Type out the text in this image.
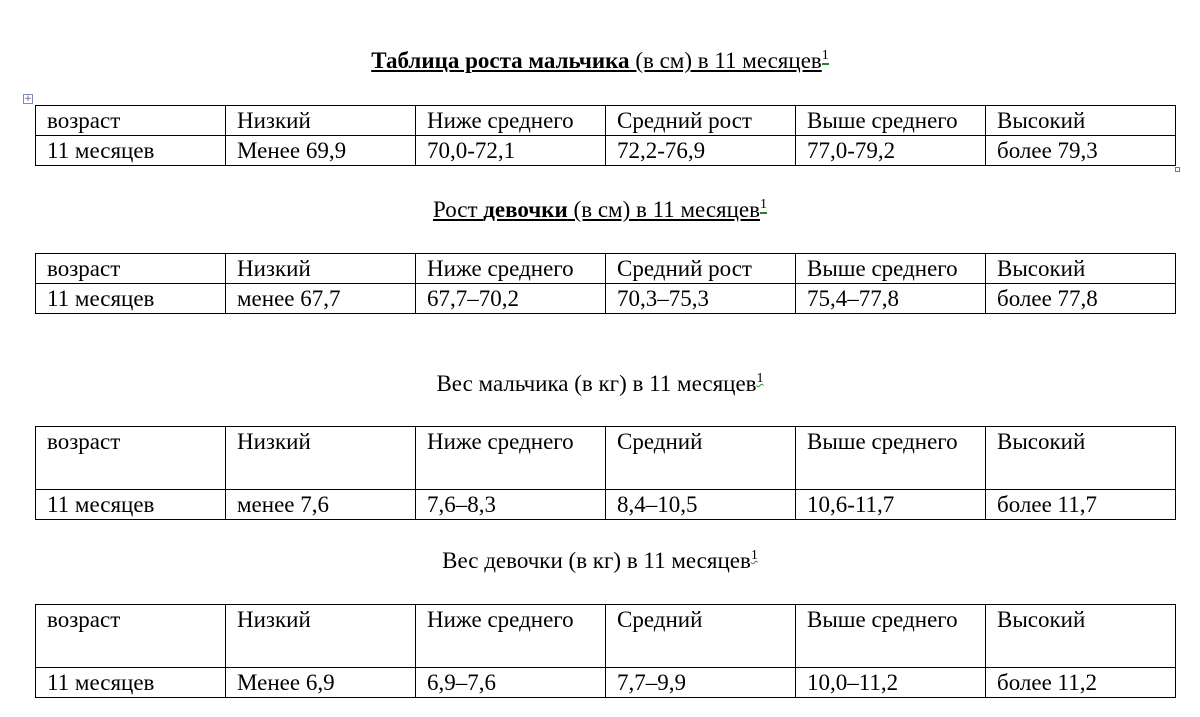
Таблица роста мальчика (в см) в 11 месяцев$^1$
+
возраст	Низкий	Ниже среднего	Средний рост	Выше среднего	Высокий
11 месяцев	Менее 69,9	70,0-72,1	72,2-76,9	77,0-79,2	более 79,3
Рост девочки (в см) в 11 месяцев$^1$
возраст	Низкий	Ниже среднего	Средний рост	Выше среднего	Высокий
11 месяцев	менее 67,7	67,7–70,2	70,3–75,3	75,4–77,8	более 77,8
Вес мальчика (в кг) в 11 месяцев$^1$
возраст	Низкий	Ниже среднего	Средний	Выше среднего	Высокий
11 месяцев	менее 7,6	7,6–8,3	8,4–10,5	10,6-11,7	более 11,7
Вес девочки (в кг) в 11 месяцев$^1$
возраст	Низкий	Ниже среднего	Средний	Выше среднего	Высокий
11 месяцев	Менее 6,9	6,9–7,6	7,7–9,9	10,0–11,2	более 11,2
